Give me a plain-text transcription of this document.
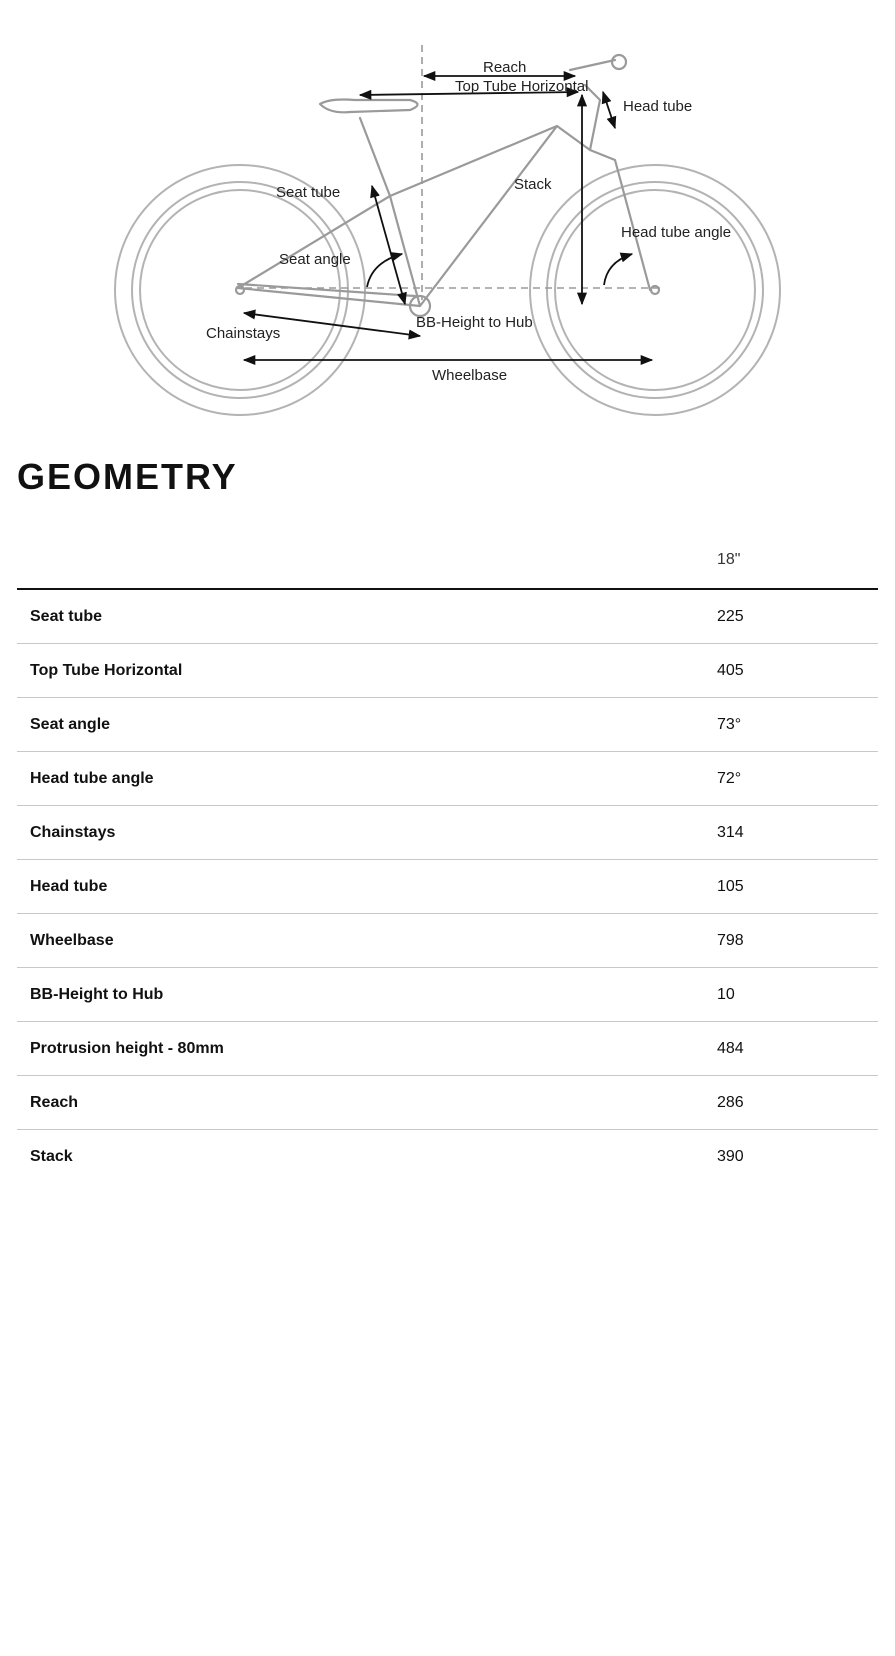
Reach
Top Tube Horizontal
Head tube
Seat tube	Stack
Head tube angle
Seat angle
BB-Height to Hub
Chainstays
Wheelbase
GEOMETRY
	18"
Seat tube	225
Top Tube Horizontal	405
Seat angle	73°
Head tube angle	72°
Chainstays	314
Head tube	105
Wheelbase	798
BB-Height to Hub	10
Protrusion height - 80mm	484
Reach	286
Stack	390
